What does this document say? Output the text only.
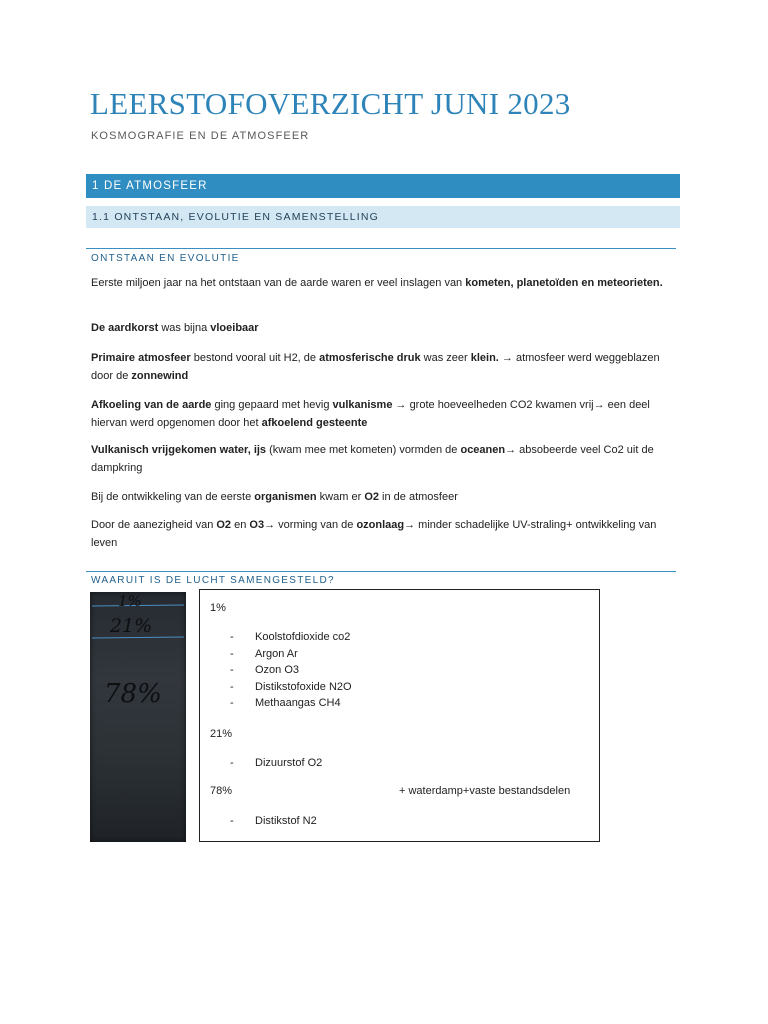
LEERSTOFOVERZICHT JUNI 2023
KOSMOGRAFIE EN DE ATMOSFEER
1 DE ATMOSFEER
1.1 ONTSTAAN, EVOLUTIE EN SAMENSTELLING
ONTSTAAN EN EVOLUTIE

Eerste miljoen jaar na het ontstaan van de aarde waren er veel inslagen van kometen, planetoïden en meteorieten.

De aardkorst was bijna vloeibaar

Primaire atmosfeer bestond vooral uit H2, de atmosferische druk was zeer klein. → atmosfeer werd weggeblazen door de zonnewind

Afkoeling van de aarde ging gepaard met hevig vulkanisme → grote hoeveelheden CO2 kwamen vrij→ een deel hiervan werd opgenomen door het afkoelend gesteente

Vulkanisch vrijgekomen water, ijs (kwam mee met kometen) vormden de oceanen→ absobeerde veel Co2 uit de dampkring

Bij de ontwikkeling van de eerste organismen kwam er O2 in de atmosfeer

Door de aanezigheid van O2 en O3→ vorming van de ozonlaag→ minder schadelijke UV-straling+ ontwikkeling van leven

WAARUIT IS DE LUCHT SAMENGESTELD?
1%
21%
78%
1%
- Koolstofdioxide co2
- Argon Ar
- Ozon O3
- Distikstofoxide N2O
- Methaangas CH4
21%
- Dizuurstof O2
78%	+ waterdamp+vaste bestandsdelen
- Distikstof N2
